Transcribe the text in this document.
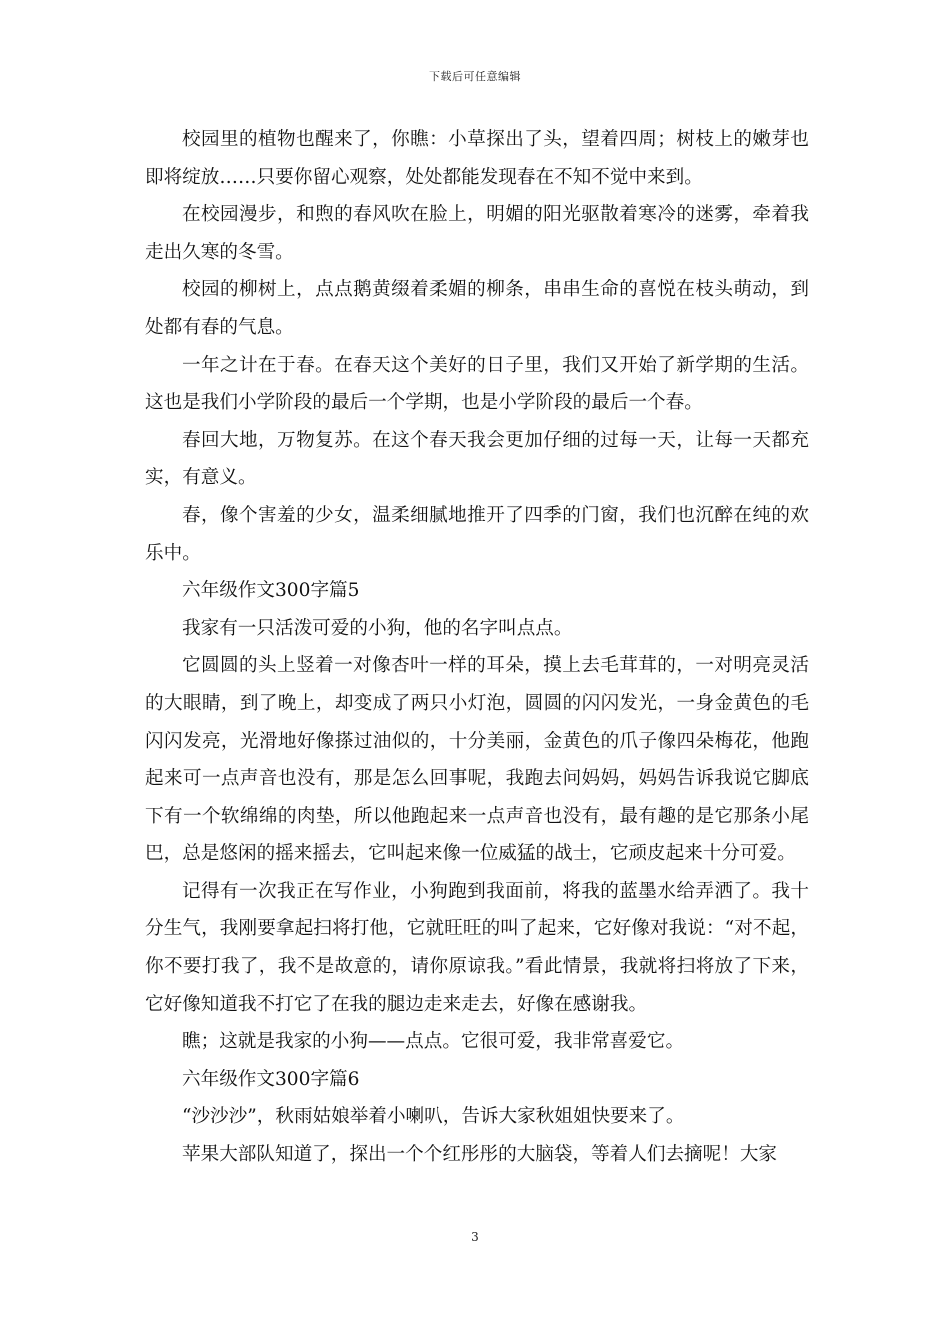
下载后可任意编辑

校园里的植物也醒来了，你瞧：小草探出了头，望着四周；树枝上的嫩芽也即将绽放……只要你留心观察，处处都能发现春在不知不觉中来到。

在校园漫步，和煦的春风吹在脸上，明媚的阳光驱散着寒冷的迷雾，牵着我走出久寒的冬雪。

校园的柳树上，点点鹅黄缀着柔媚的柳条，串串生命的喜悦在枝头萌动，到处都有春的气息。

一年之计在于春。在春天这个美好的日子里，我们又开始了新学期的生活。这也是我们小学阶段的最后一个学期，也是小学阶段的最后一个春。

春回大地，万物复苏。在这个春天我会更加仔细的过每一天，让每一天都充实，有意义。

春，像个害羞的少女，温柔细腻地推开了四季的门窗，我们也沉醉在纯的欢乐中。

六年级作文300字篇5

我家有一只活泼可爱的小狗，他的名字叫点点。

它圆圆的头上竖着一对像杏叶一样的耳朵，摸上去毛茸茸的，一对明亮灵活的大眼睛，到了晚上，却变成了两只小灯泡，圆圆的闪闪发光，一身金黄色的毛闪闪发亮，光滑地好像搽过油似的，十分美丽，金黄色的爪子像四朵梅花，他跑起来可一点声音也没有，那是怎么回事呢，我跑去问妈妈，妈妈告诉我说它脚底下有一个软绵绵的肉垫，所以他跑起来一点声音也没有，最有趣的是它那条小尾巴，总是悠闲的摇来摇去，它叫起来像一位威猛的战士，它顽皮起来十分可爱。

记得有一次我正在写作业，小狗跑到我面前，将我的蓝墨水给弄洒了。我十分生气，我刚要拿起扫将打他，它就旺旺的叫了起来，它好像对我说：“对不起，你不要打我了，我不是故意的，请你原谅我。”看此情景，我就将扫将放了下来，它好像知道我不打它了在我的腿边走来走去，好像在感谢我。

瞧；这就是我家的小狗——点点。它很可爱，我非常喜爱它。

六年级作文300字篇6

“沙沙沙”，秋雨姑娘举着小喇叭，告诉大家秋姐姐快要来了。

苹果大部队知道了，探出一个个红彤彤的大脑袋，等着人们去摘呢！大家

3
